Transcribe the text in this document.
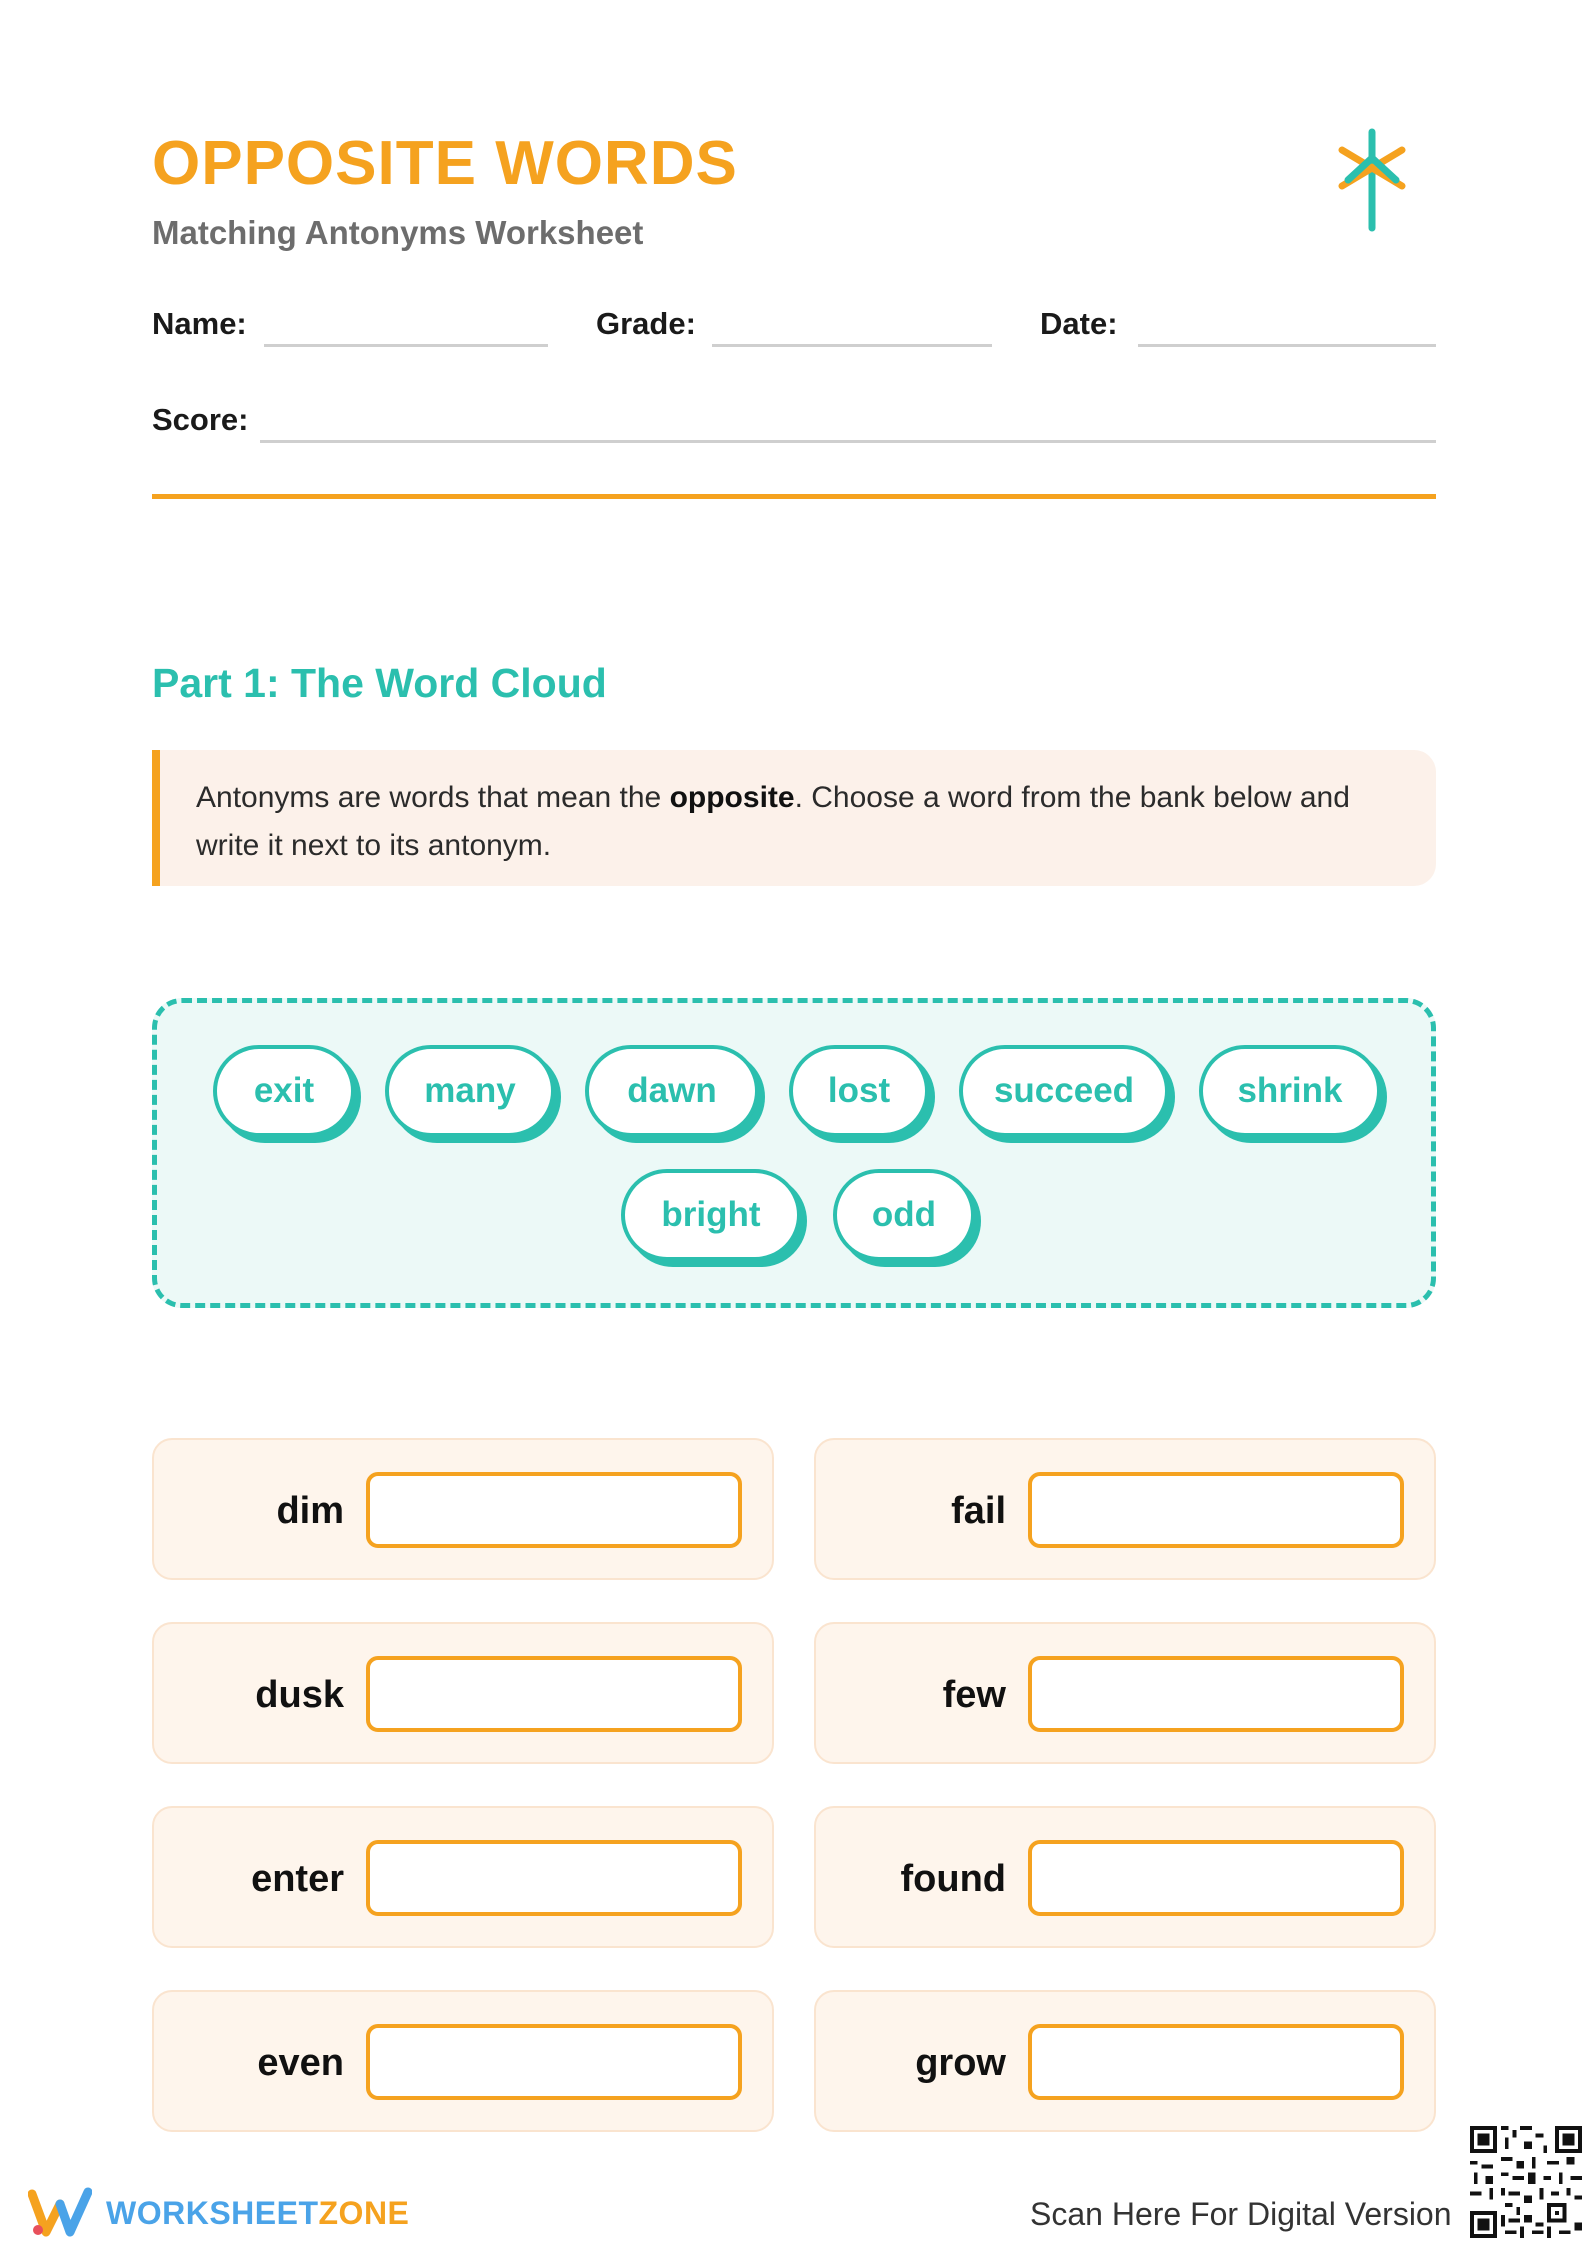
OPPOSITE WORDS
Matching Antonyms Worksheet
Name:	Grade:	Date:
Score:
Part 1: The Word Cloud
Antonyms are words that mean the opposite. Choose a word from the bank below and write it next to its antonym.
exit	many	dawn	lost	succeed	shrink
bright	odd
dim
dusk
enter
even
fail
few
found
grow
WORKSHEETZONE	Scan Here For Digital Version
